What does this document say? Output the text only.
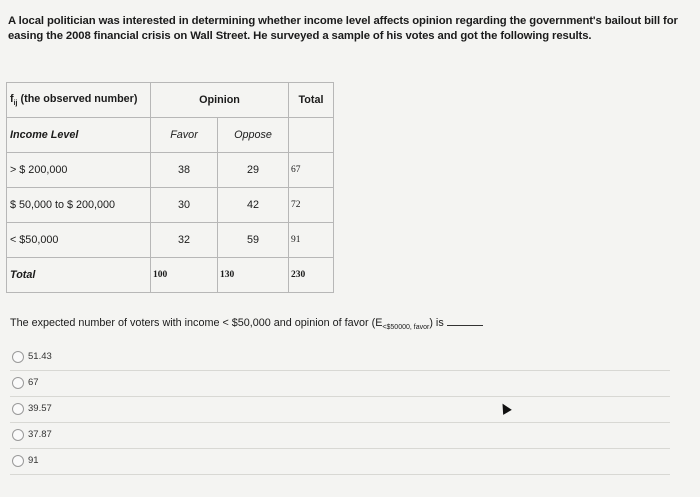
A local politician was interested in determining whether income level affects opinion regarding the government's bailout bill for easing the 2008 financial crisis on Wall Street. He surveyed a sample of his votes and got the following results.
$f_{ij}$ (the observed number)	Opinion		Total
Income Level	Favor	Oppose	
> $ 200,000	38	29	67
$ 50,000 to $ 200,000	30	42	72
< $50,000	32	59	91
Total	100	130	230
The expected number of voters with income < $50,000 and opinion of favor $(E_{<\$50000, favor})$ is
51.43
67
39.57
37.87
91
